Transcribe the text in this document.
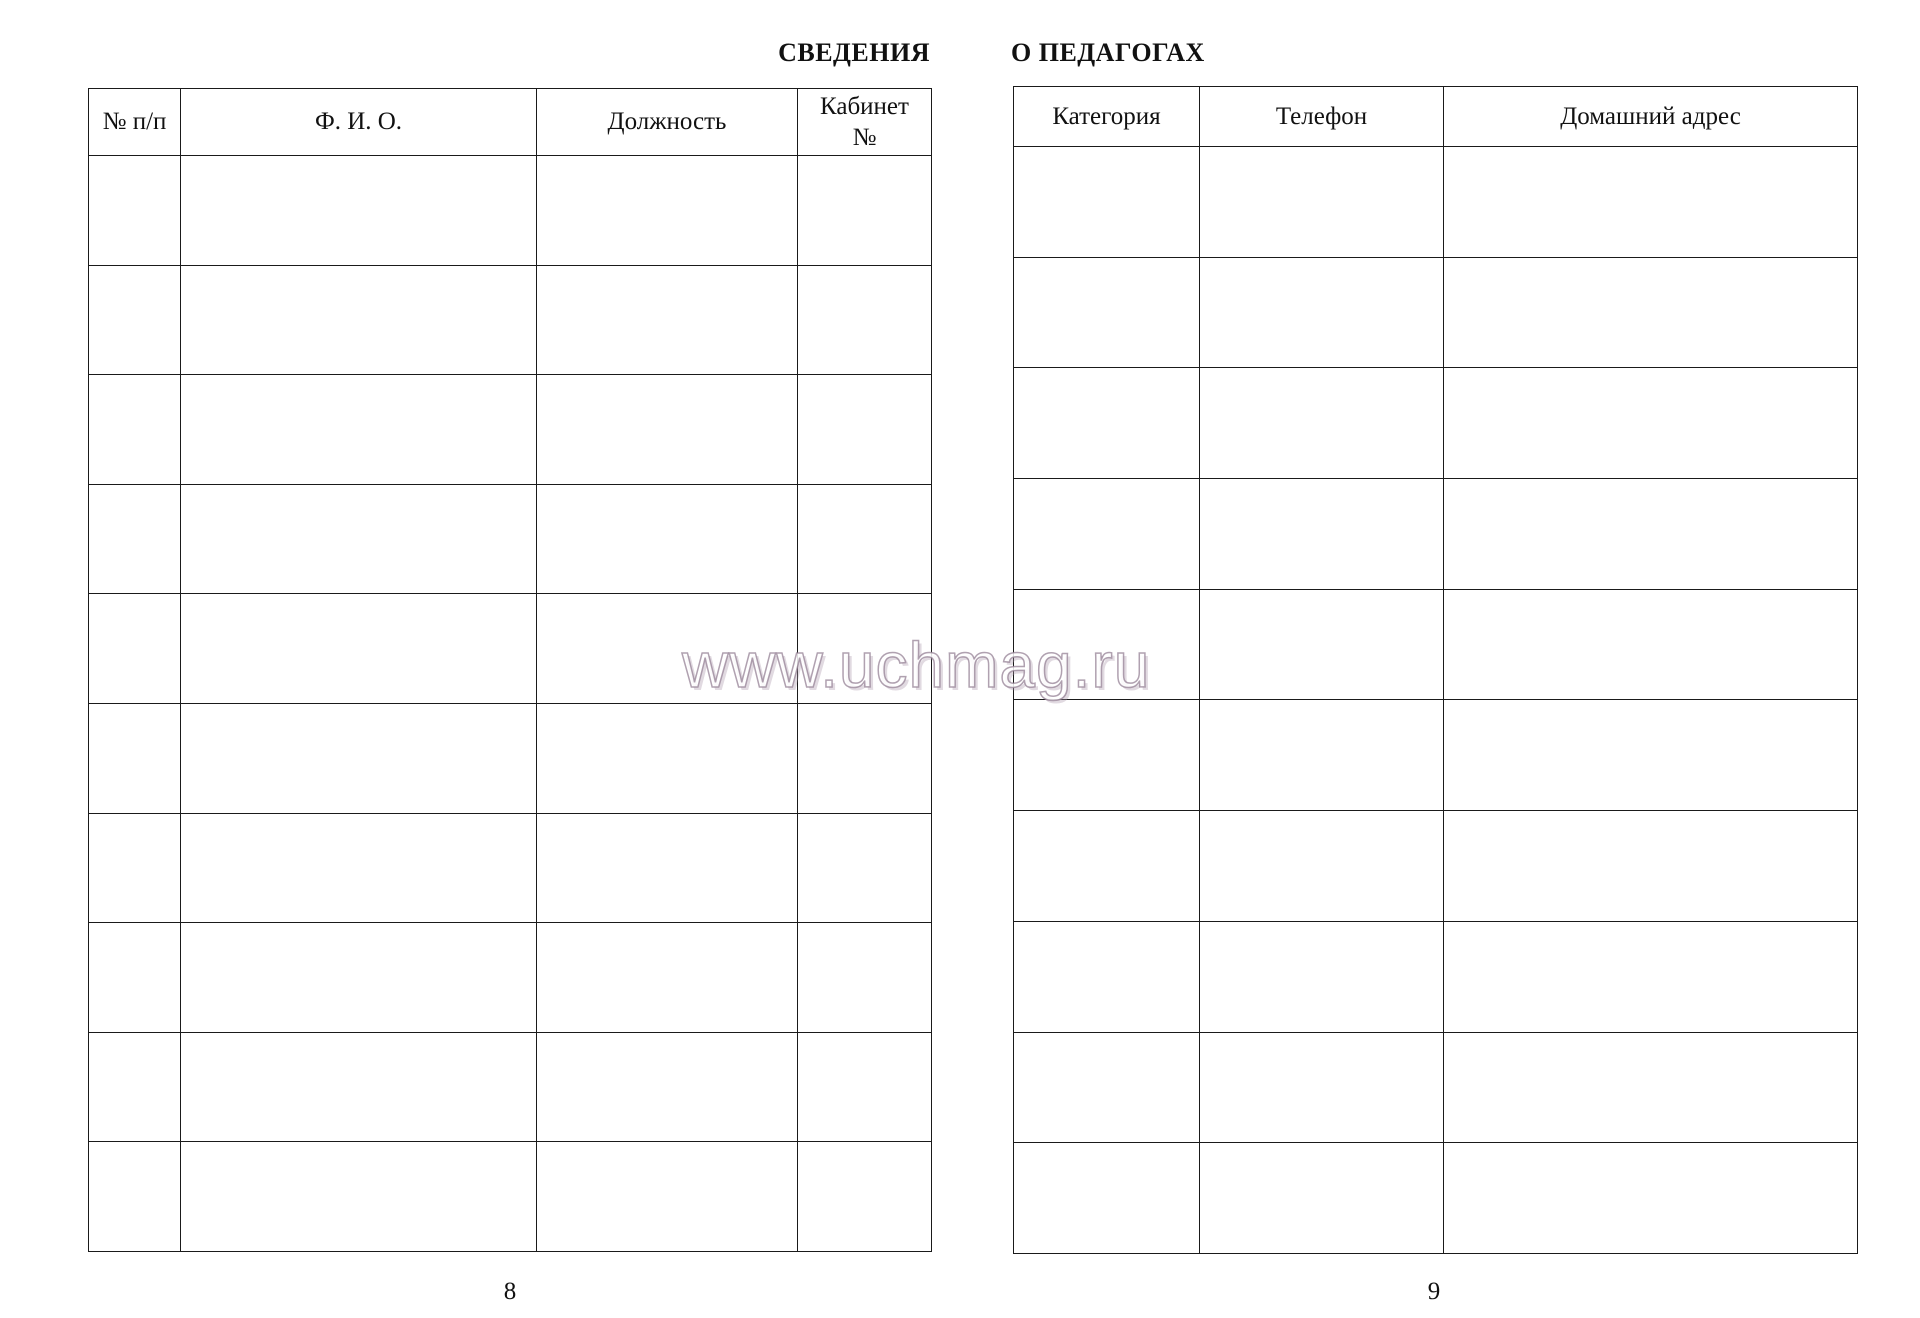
СВЕДЕНИЯ	О ПЕДАГОГАХ
№ п/п	Ф. И. О.	Должность	Кабинет №

Категория	Телефон	Домашний адрес

8	9
www.uchmag.ru
